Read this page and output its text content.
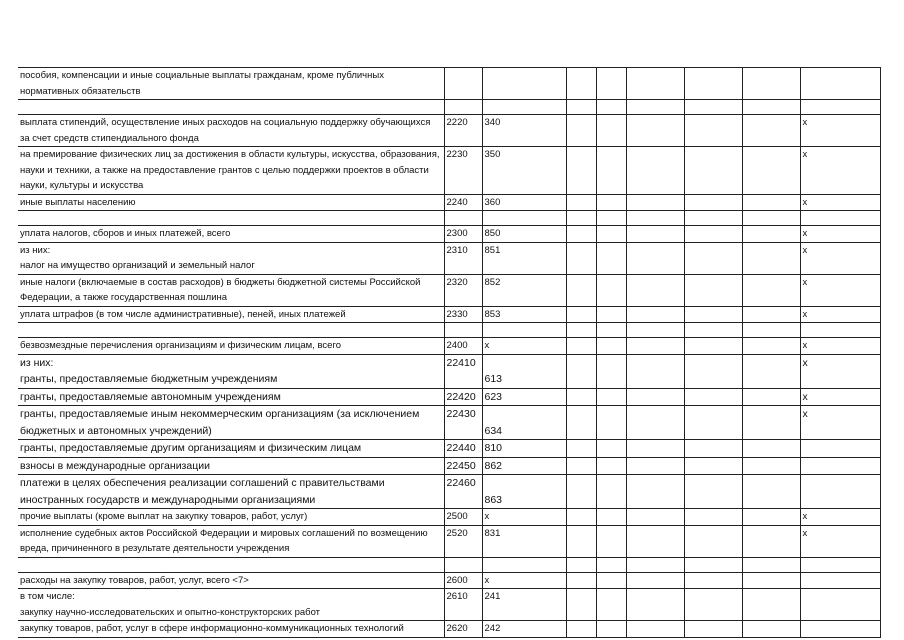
пособия, компенсации и иные социальные выплаты гражданам, кроме публичных нормативных обязательств								

выплата стипендий, осуществление иных расходов на социальную поддержку обучающихся за счет средств стипендиального фонда	2220	340						x
на премирование физических лиц за достижения в области культуры, искусства, образования, науки и техники, а также на предоставление грантов с целью поддержки проектов в области науки, культуры и искусства	2230	350						x
иные выплаты населению	2240	360						x

уплата налогов, сборов и иных платежей, всего	2300	850						x

из них:
налог на имущество организаций и земельный налог	2310	851						x
иные налоги (включаемые в состав расходов) в бюджеты бюджетной системы Российской Федерации, а также государственная пошлина	2320	852						x
уплата штрафов (в том числе административные), пеней, иных платежей	2330	853						x

безвозмездные перечисления организациям и физическим лицам, всего	2400	x						x

из них:
гранты, предоставляемые бюджетным учреждениям	22410	613						x
гранты, предоставляемые автономным учреждениям	22420	623						x
гранты, предоставляемые иным некоммерческим организациям (за исключением бюджетных и автономных учреждений)	22430	634						x
гранты, предоставляемые другим организациям и физическим лицам	22440	810						
взносы в международные организации	22450	862						
платежи в целях обеспечения реализации соглашений с правительствами иностранных государств и международными организациями	22460	863						
прочие выплаты (кроме выплат на закупку товаров, работ, услуг)	2500	x						x
исполнение судебных актов Российской Федерации и мировых соглашений по возмещению вреда, причиненного в результате деятельности учреждения	2520	831						x

расходы на закупку товаров, работ, услуг, всего <7>	2600	x						

в том числе:
закупку научно-исследовательских и опытно-конструкторских работ	2610	241						
закупку товаров, работ, услуг в сфере информационно-коммуникационных технологий	2620	242						
